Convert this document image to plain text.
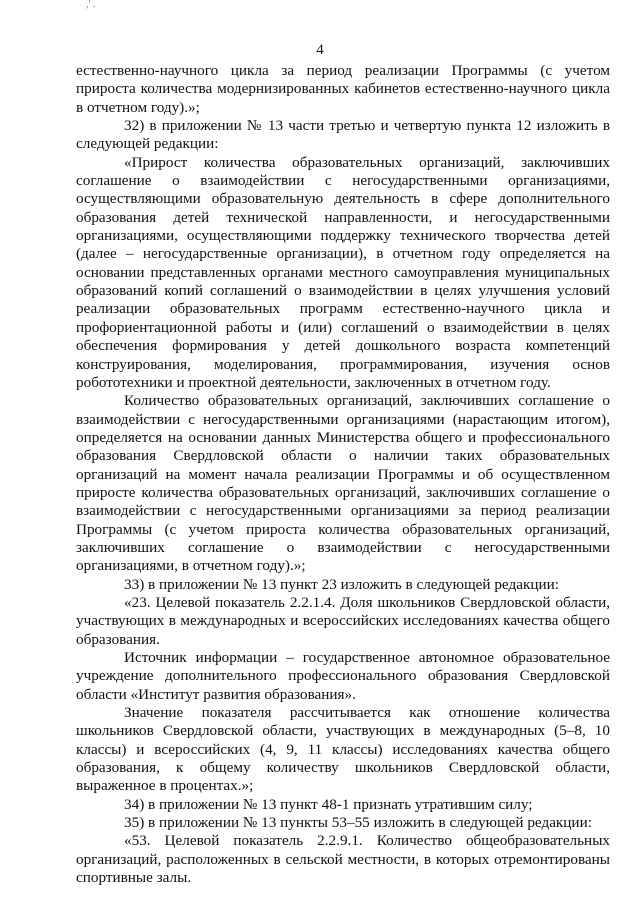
,' .
4

естественно-научного цикла за период реализации Программы (с учетом прироста количества модернизированных кабинетов естественно-научного цикла в отчетном году).»;

32) в приложении № 13 части третью и четвертую пункта 12 изложить в следующей редакции:

«Прирост количества образовательных организаций, заключивших соглашение о взаимодействии с негосударственными организациями, осуществляющими образовательную деятельность в сфере дополнительного образования детей технической направленности, и негосударственными организациями, осуществляющими поддержку технического творчества детей (далее – негосударственные организации), в отчетном году определяется на основании представленных органами местного самоуправления муниципальных образований копий соглашений о взаимодействии в целях улучшения условий реализации образовательных программ естественно-научного цикла и профориентационной работы и (или) соглашений о взаимодействии в целях обеспечения формирования у детей дошкольного возраста компетенций конструирования, моделирования, программирования, изучения основ робототехники и проектной деятельности, заключенных в отчетном году.

Количество образовательных организаций, заключивших соглашение о взаимодействии с негосударственными организациями (нарастающим итогом), определяется на основании данных Министерства общего и профессионального образования Свердловской области о наличии таких образовательных организаций на момент начала реализации Программы и об осуществленном приросте количества образовательных организаций, заключивших соглашение о взаимодействии с негосударственными организациями за период реализации Программы (с учетом прироста количества образовательных организаций, заключивших соглашение о взаимодействии с негосударственными организациями, в отчетном году).»;

33) в приложении № 13 пункт 23 изложить в следующей редакции:

«23. Целевой показатель 2.2.1.4. Доля школьников Свердловской области, участвующих в международных и всероссийских исследованиях качества общего образования.

Источник информации – государственное автономное образовательное учреждение дополнительного профессионального образования Свердловской области «Институт развития образования».

Значение показателя рассчитывается как отношение количества школьников Свердловской области, участвующих в международных (5–8, 10 классы) и всероссийских (4, 9, 11 классы) исследованиях качества общего образования, к общему количеству школьников Свердловской области, выраженное в процентах.»;

34) в приложении № 13 пункт 48-1 признать утратившим силу;

35) в приложении № 13 пункты 53–55 изложить в следующей редакции:

«53. Целевой показатель 2.2.9.1. Количество общеобразовательных организаций, расположенных в сельской местности, в которых отремонтированы спортивные залы.
